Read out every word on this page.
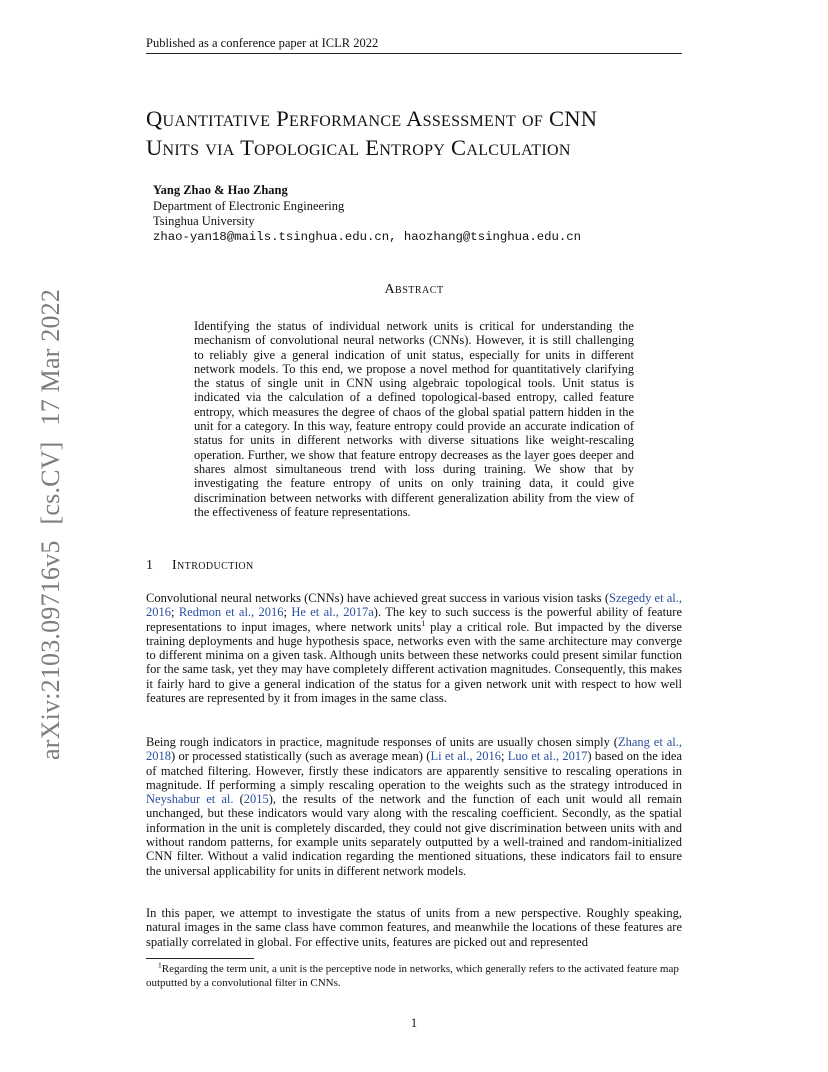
Published as a conference paper at ICLR 2022
arXiv:2103.09716v5[cs.CV]17 Mar 2022
Quantitative Performance Assessment of CNN
Units via Topological Entropy Calculation
Yang Zhao & Hao Zhang
Department of Electronic Engineering
Tsinghua University
zhao-yan18@mails.tsinghua.edu.cn, haozhang@tsinghua.edu.cn
Abstract
Identifying the status of individual network units is critical for understanding the mechanism of convolutional neural networks (CNNs). However, it is still challenging to reliably give a general indication of unit status, especially for units in different network models. To this end, we propose a novel method for quantitatively clarifying the status of single unit in CNN using algebraic topological tools. Unit status is indicated via the calculation of a defined topological-based entropy, called feature entropy, which measures the degree of chaos of the global spatial pattern hidden in the unit for a category. In this way, feature entropy could provide an accurate indication of status for units in different networks with diverse situations like weight-rescaling operation. Further, we show that feature entropy decreases as the layer goes deeper and shares almost simultaneous trend with loss during training. We show that by investigating the feature entropy of units on only training data, it could give discrimination between networks with different generalization ability from the view of the effectiveness of feature representations.
1 Introduction
Convolutional neural networks (CNNs) have achieved great success in various vision tasks (Szegedy et al., 2016; Redmon et al., 2016; He et al., 2017a). The key to such success is the powerful ability of feature representations to input images, where network units$^1$ play a critical role. But impacted by the diverse training deployments and huge hypothesis space, networks even with the same architecture may converge to different minima on a given task. Although units between these networks could present similar function for the same task, yet they may have completely different activation magnitudes. Consequently, this makes it fairly hard to give a general indication of the status for a given network unit with respect to how well features are represented by it from images in the same class.
Being rough indicators in practice, magnitude responses of units are usually chosen simply (Zhang et al., 2018) or processed statistically (such as average mean) (Li et al., 2016; Luo et al., 2017) based on the idea of matched filtering. However, firstly these indicators are apparently sensitive to rescaling operations in magnitude. If performing a simply rescaling operation to the weights such as the strategy introduced in Neyshabur et al. (2015), the results of the network and the function of each unit would all remain unchanged, but these indicators would vary along with the rescaling coefficient. Secondly, as the spatial information in the unit is completely discarded, they could not give discrimination between units with and without random patterns, for example units separately outputted by a well-trained and random-initialized CNN filter. Without a valid indication regarding the mentioned situations, these indicators fail to ensure the universal applicability for units in different network models.
In this paper, we attempt to investigate the status of units from a new perspective. Roughly speaking, natural images in the same class have common features, and meanwhile the locations of these features are spatially correlated in global. For effective units, features are picked out and represented
$^1$Regarding the term unit, a unit is the perceptive node in networks, which generally refers to the activated feature map outputted by a convolutional filter in CNNs.
1
